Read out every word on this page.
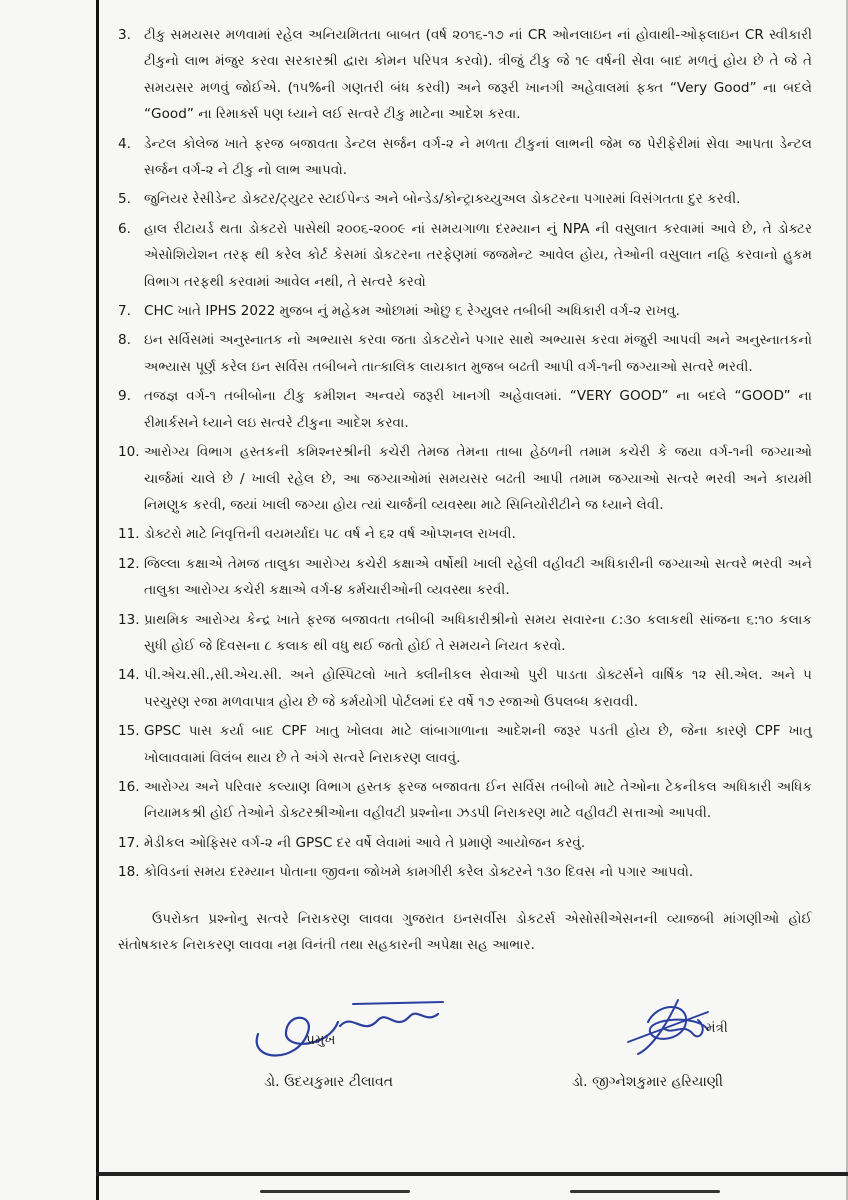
3. ટીકુ સમયસર મળવામાં રહેલ અનિયમિતતા બાબત (વર્ષ ૨૦૧૬-૧૭ નાં CR ઓનલાઇન નાં હોવાથી-ઓફલાઇન CR સ્વીકારી ટીકુનો લાભ મંજુર કરવા સરકારશ્રી દ્વારા કોમન પરિપત્ર કરવો). ત્રીજું ટીકુ જે ૧૯ વર્ષની સેવા બાદ મળતું હોય છે તે જે તે સમયસર મળવું જોઈએ. (૧૫%ની ગણતરી બંધ કરવી) અને જરૂરી ખાનગી અહેવાલમાં ફક્ત “Very Good” ના બદલે “Good” ના રિમાર્ક્સ પણ ધ્યાને લઈ સત્વરે ટીકુ માટેના આદેશ કરવા.
4. ડેન્ટલ કોલેજ ખાતે ફરજ બજાવતા ડેન્ટલ સર્જન વર્ગ-૨ ને મળતા ટીકુનાં લાભની જેમ જ પેરીફેરીમાં સેવા આપતા ડેન્ટલ સર્જન વર્ગ-૨ ને ટીકુ નો લાભ આપવો.
5. જુનિયર રેસીડેન્ટ ડોક્ટર/ટ્યુટર સ્ટાઈપેન્ડ અને બોન્ડેડ/કોન્ટ્રાક્ચ્યુઅલ ડોકટરના પગારમાં વિસંગતતા દુર કરવી.
6. હાલ રીટાયર્ડ થતા ડોકટરો પાસેથી ૨૦૦૬-૨૦૦૯ નાં સમયગાળા દરમ્યાન નું NPA ની વસુલાત કરવામાં આવે છે, તે ડોક્ટર એસોશિયેશન તરફ થી કરેલ કોર્ટ કેસમાં ડોકટરના તરફેણમાં જજમેન્ટ આવેલ હોય, તેઓની વસુલાત નહિ કરવાનો હુકમ વિભાગ તરફથી કરવામાં આવેલ નથી, તે સત્વરે કરવો
7. CHC ખાતે IPHS 2022 મુજબ નું મહેકમ ઓછામાં ઓછુ ૬ રેગ્યુલર તબીબી અધિકારી વર્ગ-૨ રાખવુ.
8. ઇન સર્વિસમાં અનુસ્નાતક નો અભ્યાસ કરવા જતા ડોકટરોને પગાર સાથે અભ્યાસ કરવા મંજુરી આપવી અને અનુસ્નાતકનો અભ્યાસ પૂર્ણ કરેલ ઇન સર્વિસ તબીબને તાત્કાલિક લાયકાત મુજબ બઢતી આપી વર્ગ-૧ની જગ્યાઓ સત્વરે ભરવી.
9. તજજ્ઞ વર્ગ-૧ તબીબોના ટીકુ કમીશન અન્વયે જરૂરી ખાનગી અહેવાલમાં. “VERY GOOD” ના બદલે “GOOD” ના રીમાર્કસને ધ્યાને લઇ સત્વરે ટીકુના આદેશ કરવા.
10. આરોગ્ય વિભાગ હસ્તકની કમિશ્નરશ્રીની કચેરી તેમજ તેમના તાબા હેઠળની તમામ કચેરી કે જયા વર્ગ-૧ની જગ્યાઓ ચાર્જમાં ચાલે છે / ખાલી રહેલ છે, આ જગ્યાઓમાં સમયસર બઢતી આપી તમામ જગ્યાઓ સત્વરે ભરવી અને કાયમી નિમણુક કરવી, જયાં ખાલી જગ્યા હોય ત્યાં ચાર્જની વ્યવસ્થા માટે સિનિયોરીટીને જ ધ્યાને લેવી.
11. ડોક્ટરો માટે નિવૃત્તિની વયમર્યાદા ૫૮ વર્ષ ને ૬૨ વર્ષ ઓપ્શનલ રાખવી.
12. જિલ્લા કક્ષાએ તેમજ તાલુકા આરોગ્ય કચેરી કક્ષાએ વર્ષોથી ખાલી રહેલી વહીવટી અધિકારીની જગ્યાઓ સત્વરે ભરવી અને તાલુકા આરોગ્ય કચેરી કક્ષાએ વર્ગ-૪ કર્મચારીઓની વ્યવસ્થા કરવી.
13. પ્રાથમિક આરોગ્ય કેન્દ્ર ખાતે ફરજ બજાવતા તબીબી અધિકારીશ્રીનો સમય સવારના ૮:૩૦ કલાકથી સાંજના ૬:૧૦ કલાક સુધી હોઈ જે દિવસના ૮ કલાક થી વધુ થઈ જતો હોઈ તે સમયને નિયત કરવો.
14. પી.એચ.સી.,સી.એચ.સી. અને હોસ્પિટલો ખાતે ક્લીનીકલ સેવાઓ પુરી પાડતા ડોક્ટર્સને વાર્ષિક ૧૨ સી.એલ. અને ૫ પરચુરણ રજા મળવાપાત્ર હોય છે જે કર્મયોગી પોર્ટલમાં દર વર્ષે ૧૭ રજાઓ ઉપલબ્ધ કરાવવી.
15. GPSC પાસ કર્યા બાદ CPF ખાતુ ખોલવા માટે લાંબાગાળાના આદેશની જરૂર પડતી હોય છે, જેના કારણે CPF ખાતુ ખોલાવવામાં વિલંબ થાય છે તે અંગે સત્વરે નિરાકરણ લાવવું.
16. આરોગ્ય અને પરિવાર કલ્યાણ વિભાગ હસ્તક ફરજ બજાવતા ઈન સર્વિસ તબીબો માટે તેઓના ટેકનીકલ અધિકારી અધિક નિયામકશ્રી હોઈ તેઓને ડોક્ટરશ્રીઓના વહીવટી પ્રશ્નોના ઝડપી નિરાકરણ માટે વહીવટી સત્તાઓ આપવી.
17. મેડીકલ ઓફિસર વર્ગ-૨ ની GPSC દર વર્ષે લેવામાં આવે તે પ્રમાણે આયોજન કરવું.
18. કોવિડનાં સમય દરમ્યાન પોતાના જીવના જોખમે કામગીરી કરેલ ડોક્ટરને ૧૩૦ દિવસ નો પગાર આપવો.

ઉપરોક્ત પ્રશ્નોનુ સત્વરે નિરાકરણ લાવવા ગુજરાત ઇનસર્વીસ ડોકટર્સ એસોસીએસનની વ્યાજબી માંગણીઓ હોઈ સંતોષકારક નિરાકરણ લાવવા નમ્ર વિનંતી તથા સહકારની અપેક્ષા સહ આભાર.

ઉદયકુમાર
પ્રમુખ
ડો. ઉદયકુમાર ટીલાવત
મંત્રી
ડો. જીગ્નેશકુમાર હરિયાણી
